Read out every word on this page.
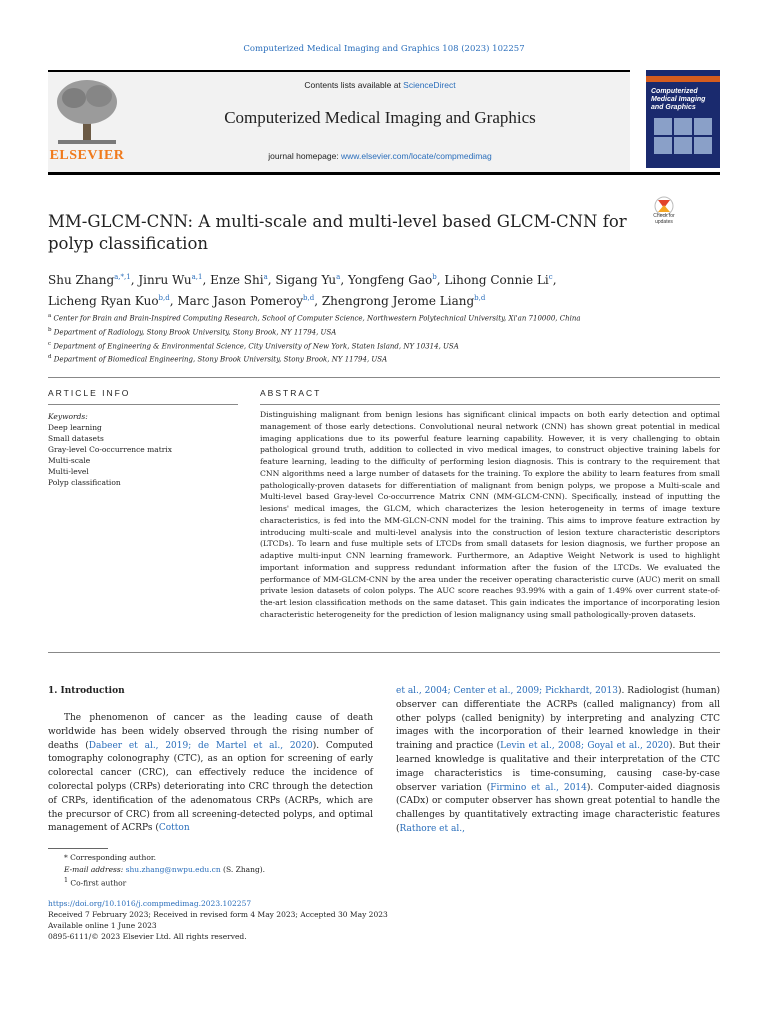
Computerized Medical Imaging and Graphics 108 (2023) 102257
ELSEVIER
Contents lists available at ScienceDirect
Computerized Medical Imaging and Graphics
journal homepage: www.elsevier.com/locate/compmedimag
Computerized Medical Imaging and Graphics
Check for updates
MM-GLCM-CNN: A multi-scale and multi-level based GLCM-CNN for
polyp classification
Shu Zhang$^{a,*,1}$, Jinru Wu$^{a,1}$, Enze Shi$^a$, Sigang Yu$^a$, Yongfeng Gao$^b$, Lihong Connie Li$^c$,
Licheng Ryan Kuo$^{b,d}$, Marc Jason Pomeroy$^{b,d}$, Zhengrong Jerome Liang$^{b,d}$
$^a$ Center for Brain and Brain-Inspired Computing Research, School of Computer Science, Northwestern Polytechnical University, Xi'an 710000, China
$^b$ Department of Radiology, Stony Brook University, Stony Brook, NY 11794, USA
$^c$ Department of Engineering & Environmental Science, City University of New York, Staten Island, NY 10314, USA
$^d$ Department of Biomedical Engineering, Stony Brook University, Stony Brook, NY 11794, USA
ARTICLE INFO	ABSTRACT
Keywords:
Deep learning
Small datasets
Gray-level Co-occurrence matrix
Multi-scale
Multi-level
Polyp classification
Distinguishing malignant from benign lesions has significant clinical impacts on both early detection and optimal management of those early detections. Convolutional neural network (CNN) has shown great potential in medical imaging applications due to its powerful feature learning capability. However, it is very challenging to obtain pathological ground truth, addition to collected in vivo medical images, to construct objective training labels for feature learning, leading to the difficulty of performing lesion diagnosis. This is contrary to the requirement that CNN algorithms need a large number of datasets for the training. To explore the ability to learn features from small pathologically-proven datasets for differentiation of malignant from benign polyps, we propose a Multi-scale and Multi-level based Gray-level Co-occurrence Matrix CNN (MM-GLCM-CNN). Specifically, instead of inputting the lesions' medical images, the GLCM, which characterizes the lesion heterogeneity in terms of image texture characteristics, is fed into the MM-GLCN-CNN model for the training. This aims to improve feature extraction by introducing multi-scale and multi-level analysis into the construction of lesion texture characteristic descriptors (LTCDs). To learn and fuse multiple sets of LTCDs from small datasets for lesion diagnosis, we further propose an adaptive multi-input CNN learning framework. Furthermore, an Adaptive Weight Network is used to highlight important information and suppress redundant information after the fusion of the LTCDs. We evaluated the performance of MM-GLCM-CNN by the area under the receiver operating characteristic curve (AUC) merit on small private lesion datasets of colon polyps. The AUC score reaches 93.99% with a gain of 1.49% over current state-of-the-art lesion classification methods on the same dataset. This gain indicates the importance of incorporating lesion characteristic heterogeneity for the prediction of lesion malignancy using small pathologically-proven datasets.
1. Introduction
The phenomenon of cancer as the leading cause of death worldwide has been widely observed through the rising number of deaths (Dabeer et al., 2019; de Martel et al., 2020). Computed tomography colonography (CTC), as an option for screening of early colorectal cancer (CRC), can effectively reduce the incidence of colorectal polyps (CRPs) deteriorating into CRC through the detection of CRPs, identification of the adenomatous CRPs (ACRPs, which are the precursor of CRC) from all screening-detected polyps, and optimal management of ACRPs (Cotton
et al., 2004; Center et al., 2009; Pickhardt, 2013). Radiologist (human) observer can differentiate the ACRPs (called malignancy) from all other polyps (called benignity) by interpreting and analyzing CTC images with the incorporation of their learned knowledge in their training and practice (Levin et al., 2008; Goyal et al., 2020). But their learned knowledge is qualitative and their interpretation of the CTC image characteristics is time-consuming, causing case-by-case observer variation (Firmino et al., 2014). Computer-aided diagnosis (CADx) or computer observer has shown great potential to handle the challenges by quantitatively extracting image characteristic features (Rathore et al.,
* Corresponding author.
E-mail address: shu.zhang@nwpu.edu.cn (S. Zhang).
$^1$ Co-first author
https://doi.org/10.1016/j.compmedimag.2023.102257
Received 7 February 2023; Received in revised form 4 May 2023; Accepted 30 May 2023
Available online 1 June 2023
0895-6111/© 2023 Elsevier Ltd. All rights reserved.
